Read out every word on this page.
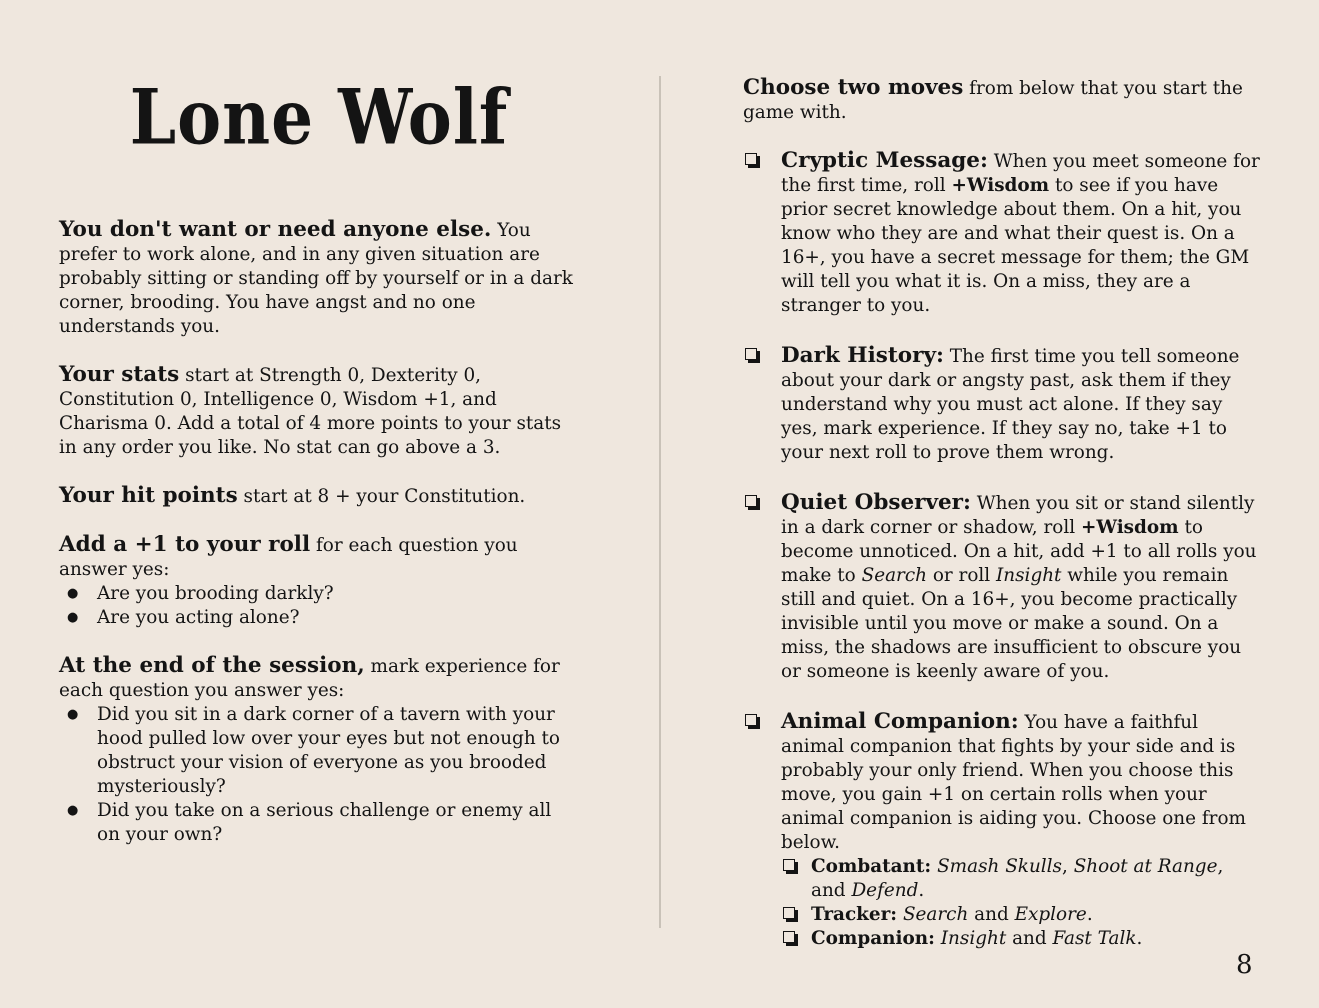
Lone Wolf

You don't want or need anyone else. You prefer to work alone, and in any given situation are probably sitting or standing off by yourself or in a dark corner, brooding. You have angst and no one understands you.

Your stats start at Strength 0, Dexterity 0, Constitution 0, Intelligence 0, Wisdom +1, and Charisma 0. Add a total of 4 more points to your stats in any order you like. No stat can go above a 3.

Your hit points start at 8 + your Constitution.

Add a +1 to your roll for each question you answer yes:

● Are you brooding darkly?
● Are you acting alone?

At the end of the session, mark experience for each question you answer yes:

● Did you sit in a dark corner of a tavern with your hood pulled low over your eyes but not enough to obstruct your vision of everyone as you brooded mysteriously?
● Did you take on a serious challenge or enemy all on your own?

Choose two moves from below that you start the game with.

Cryptic Message: When you meet someone for the first time, roll +Wisdom to see if you have prior secret knowledge about them. On a hit, you know who they are and what their quest is. On a 16+, you have a secret message for them; the GM will tell you what it is. On a miss, they are a stranger to you.

Dark History: The first time you tell someone about your dark or angsty past, ask them if they understand why you must act alone. If they say yes, mark experience. If they say no, take +1 to your next roll to prove them wrong.

Quiet Observer: When you sit or stand silently in a dark corner or shadow, roll +Wisdom to become unnoticed. On a hit, add +1 to all rolls you make to Search or roll Insight while you remain still and quiet. On a 16+, you become practically invisible until you move or make a sound. On a miss, the shadows are insufficient to obscure you or someone is keenly aware of you.

Animal Companion: You have a faithful animal companion that fights by your side and is probably your only friend. When you choose this move, you gain +1 on certain rolls when your animal companion is aiding you. Choose one from below.

Combatant: Smash Skulls, Shoot at Range, and Defend.
Tracker: Search and Explore.
Companion: Insight and Fast Talk.
8
